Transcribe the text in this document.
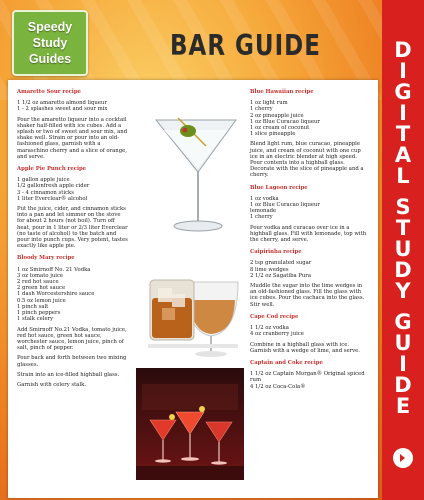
Speedy
Study
Guides	BAR GUIDE	D
I
G
I
T
A
L

S
T
U
D
Y

G
U
I
D
E
Amaretto Sour recipe

1 1/2 oz amaretto almond liqueur
1 - 2 splashes sweet and sour mix

Pour the amaretto liqueur into a cocktail shaker half-filled with ice cubes. Add a splash or two of sweet and sour mix, and shake well. Strain or pour into an old-fashioned glass, garnish with a maraschino cherry and a slice of orange, and serve.

Apple Pie Punch recipe

1 gallon apple juice
1/2 gallonfresh apple cider
3 - 4 cinnamon sticks
1 liter Everclear® alcohol

Put the juice, cider, and cinnamon sticks into a pan and let simmer on the stove for about 2 hours (not boil). Turn off heat, pour in 1 liter or 2/3 liter Everclear (no taste of alcohol) to the batch and pour into punch cups. Very potent, tastes exactly like apple pie.

Bloody Mary recipe

1 oz Smirnoff No. 21 Vodka
3 oz tomato juice
2 red hot sauce
2 green hot sauce
1 dash Worcestershire sauce
0.5 oz lemon juice
1 pinch salt
1 pinch peppers
1 stalk celery

Add Smirnoff No.21 Vodka, tomato juice, red hot sauce, green hot sauce, worchester sauce, lemon juice, pinch of salt, pinch of pepper.

Pour back and forth between two mixing glasses.

Strain into an ice-filled highball glass.

Garnish with celery stalk.

Blue Hawaiian recipe

1 oz light rum
1 cherry
2 oz pineapple juice
1 oz Blue Curacao liqueur
1 oz cream of coconut
1 slice pineapple

Blend light rum, blue curacao, pineapple juice, and cream of coconut with one cup ice in an electric blender at high speed. Pour contents into a highball glass. Decorate with the slice of pineapple and a cherry.

Blue Lagoon recipe

1 oz vodka
1 oz Blue Curacao liqueur
lemonade
1 cherry

Pour vodka and curacao over ice in a highball glass. Fill with lemonade, top with the cherry, and serve.

Caipirinha recipe

2 tsp granulated sugar
8 lime wedges
2 1/2 oz Sagatiba Pura

Muddle the sugar into the lime wedges in an old-fashioned glass. Fill the glass with ice cubes. Pour the cachaca into the glass. Stir well.

Cape Cod recipe

1 1/2 oz vodka
4 oz cranberry juice

Combine in a highball glass with ice. Garnish with a wedge of lime, and serve.

Captain and Coke recipe

1 1/2 oz Captain Morgan® Original spiced rum
4 1/2 oz Coca-Cola®
